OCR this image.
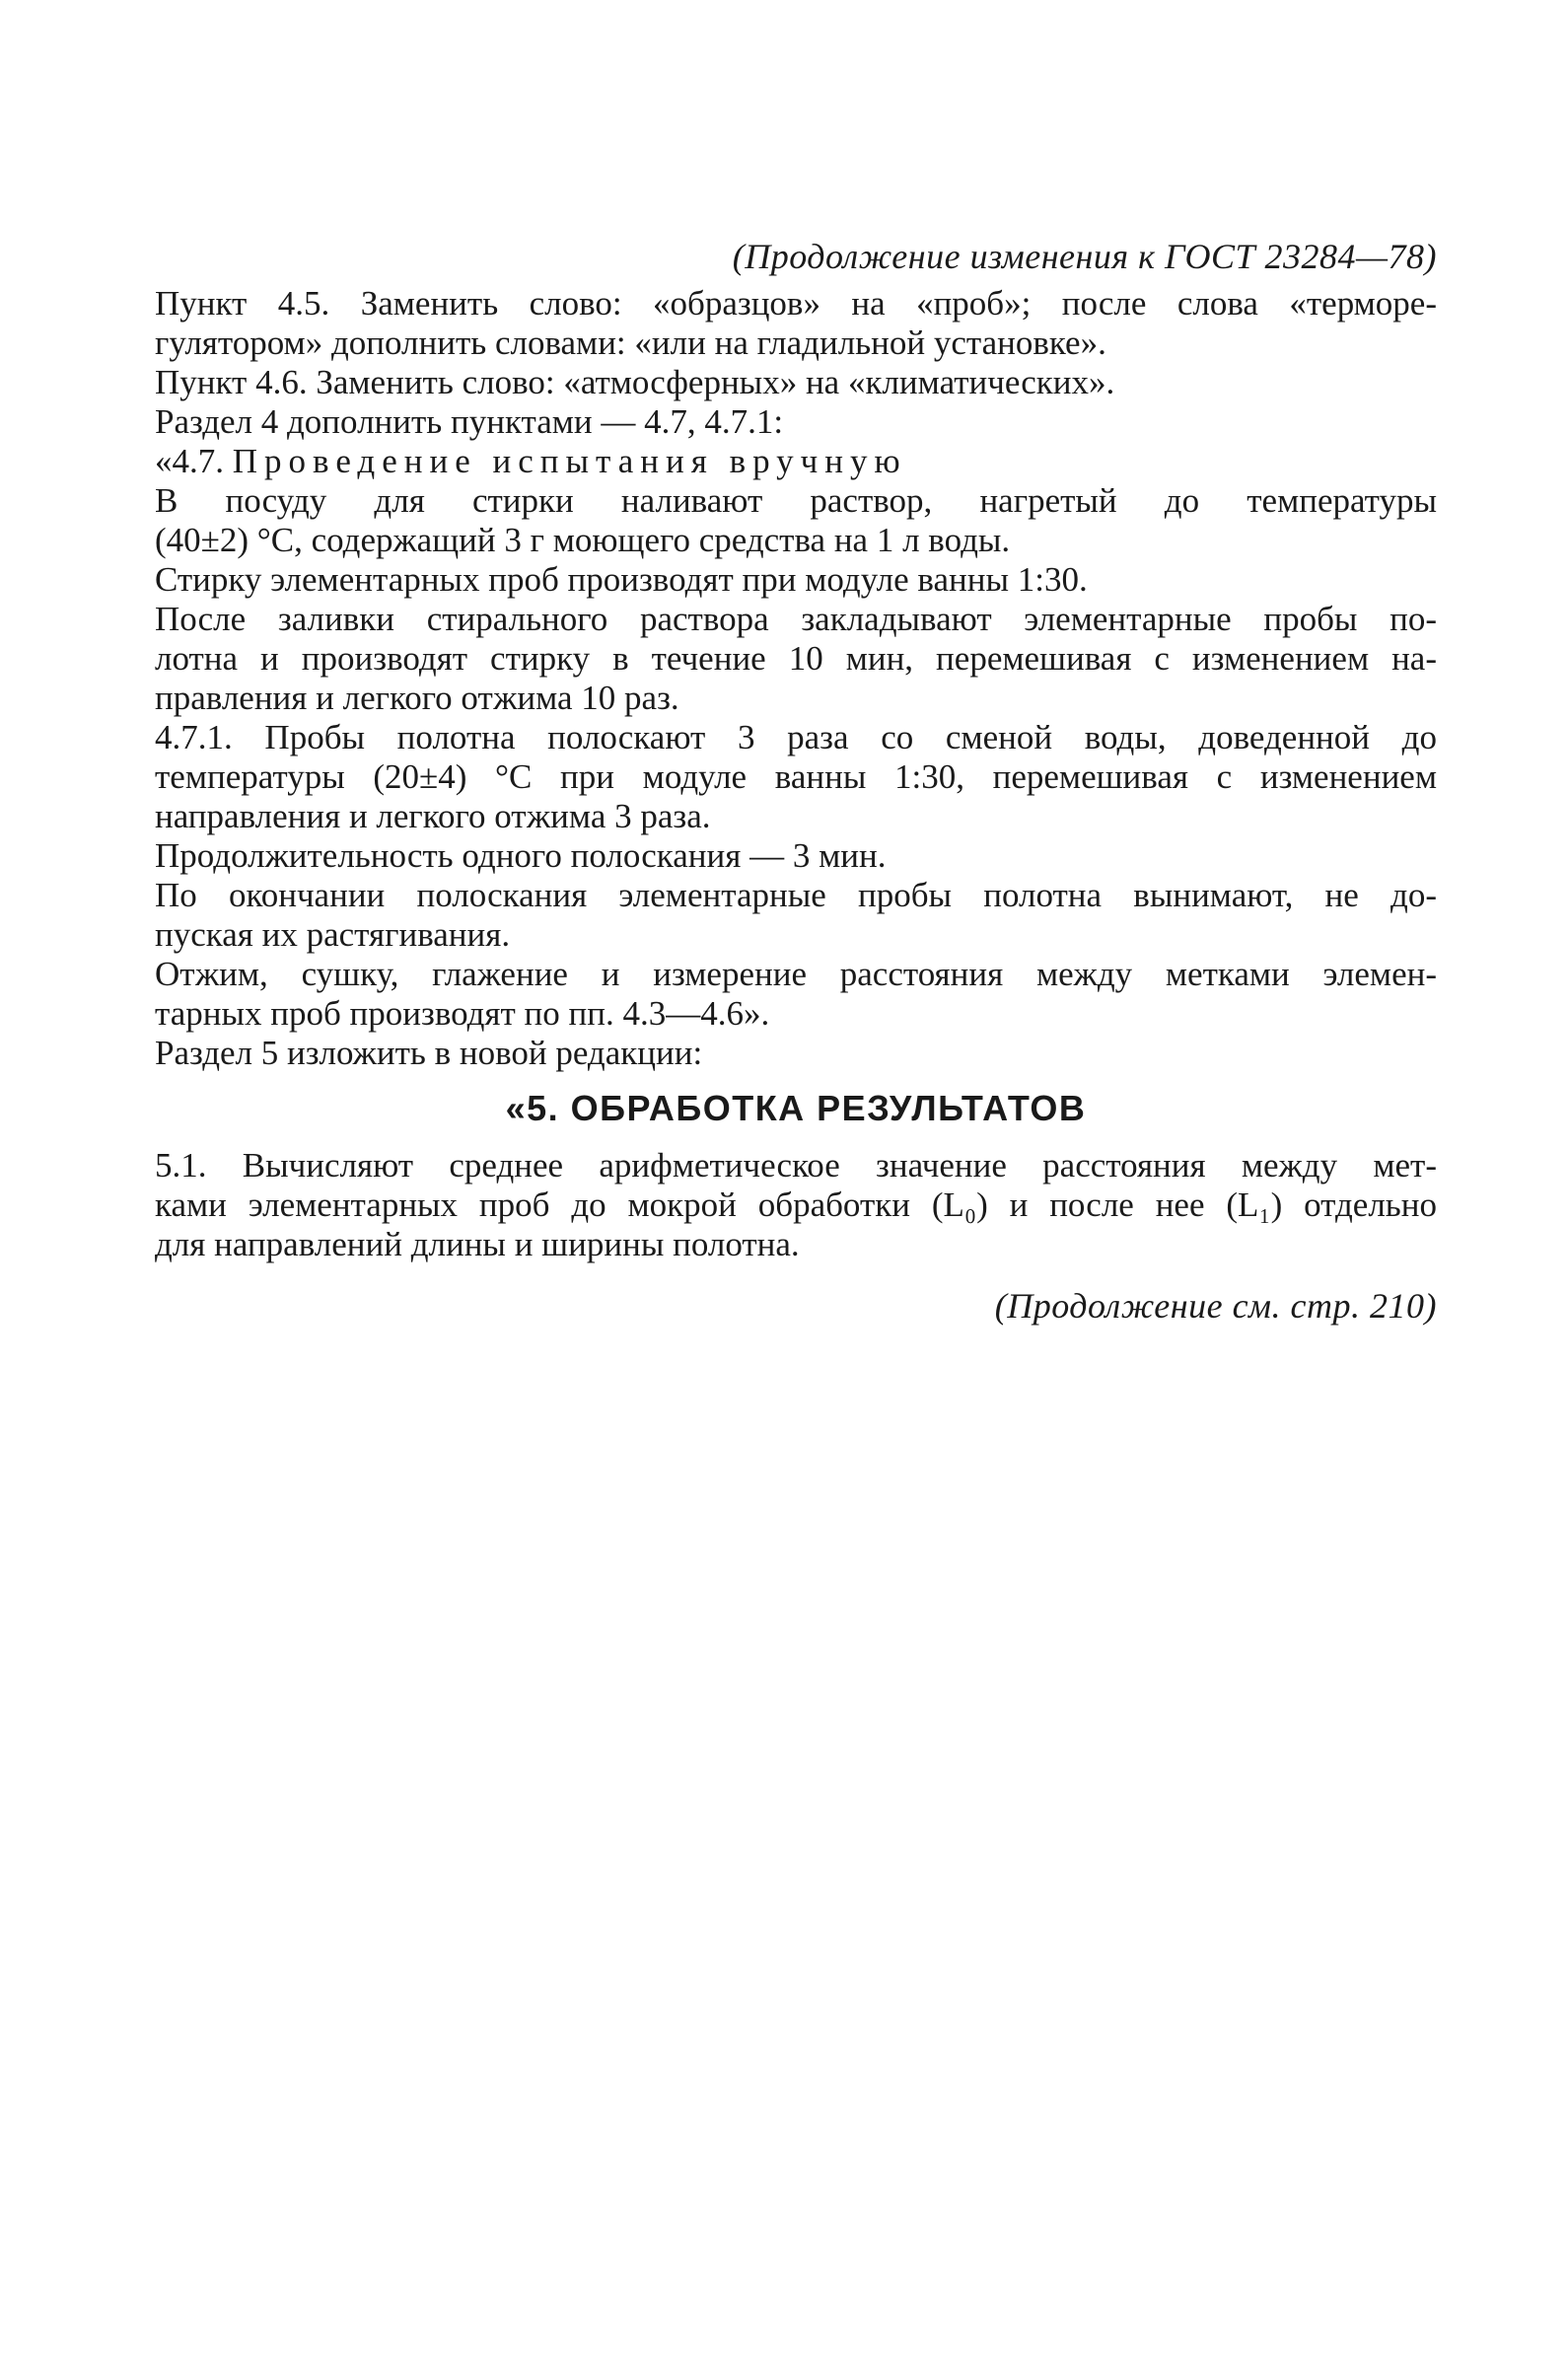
(Продолжение изменения к ГОСТ 23284—78)
Пункт 4.5. Заменить слово: «образцов» на «проб»; после слова «терморе-
гулятором» дополнить словами: «или на гладильной установке».
Пункт 4.6. Заменить слово: «атмосферных» на «климатических».
Раздел 4 дополнить пунктами — 4.7, 4.7.1:
«4.7. Проведение испытания вручную
В посуду для стирки наливают раствор, нагретый до температуры
(40±2) °С, содержащий 3 г моющего средства на 1 л воды.
Стирку элементарных проб производят при модуле ванны 1:30.
После заливки стирального раствора закладывают элементарные пробы по-
лотна и производят стирку в течение 10 мин, перемешивая с изменением на-
правления и легкого отжима 10 раз.
4.7.1. Пробы полотна полоскают 3 раза со сменой воды, доведенной до
температуры (20±4) °С при модуле ванны 1:30, перемешивая с изменением
направления и легкого отжима 3 раза.
Продолжительность одного полоскания — 3 мин.
По окончании полоскания элементарные пробы полотна вынимают, не до-
пуская их растягивания.
Отжим, сушку, глажение и измерение расстояния между метками элемен-
тарных проб производят по пп. 4.3—4.6».
Раздел 5 изложить в новой редакции:
«5. ОБРАБОТКА РЕЗУЛЬТАТОВ
5.1. Вычисляют среднее арифметическое значение расстояния между мет-
ками элементарных проб до мокрой обработки (L₀) и после нее (L₁) отдельно
для направлений длины и ширины полотна.
(Продолжение см. стр. 210)
